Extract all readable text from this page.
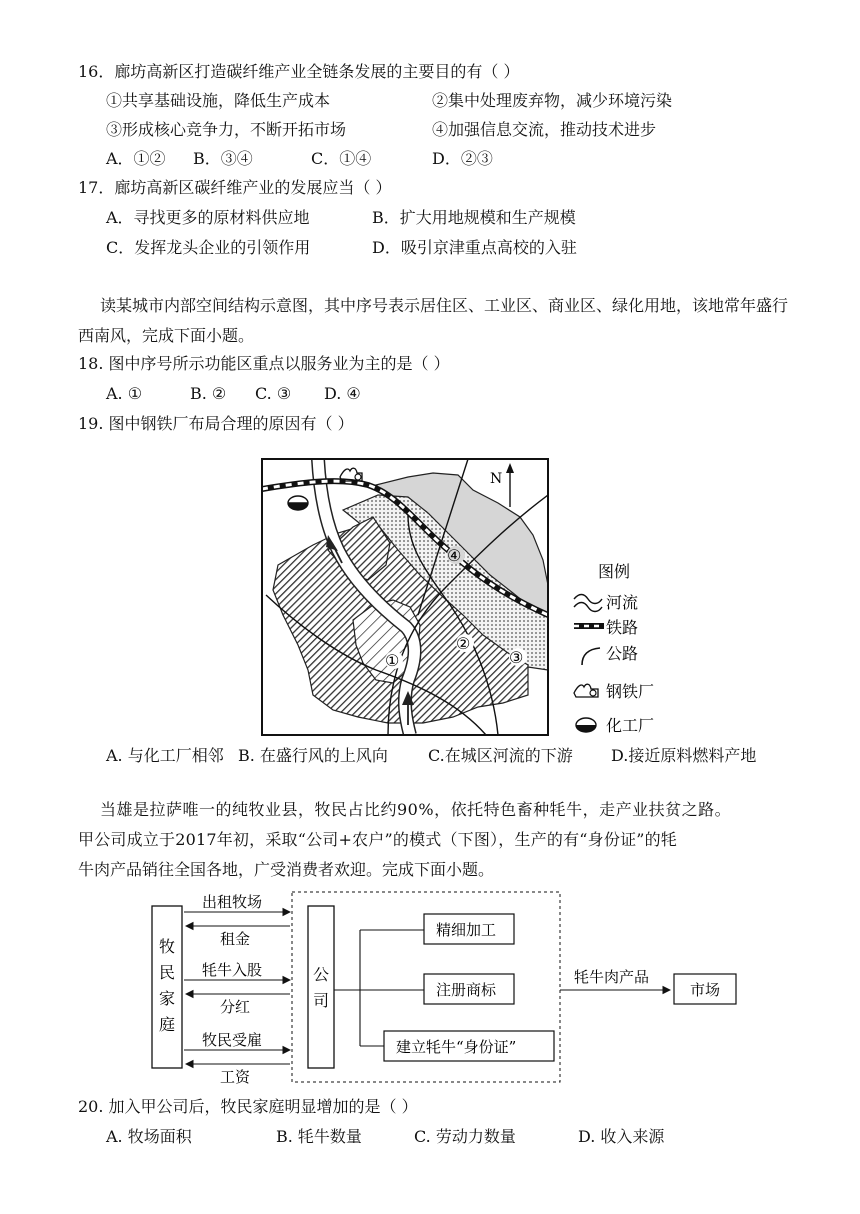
16．廊坊高新区打造碳纤维产业全链条发展的主要目的有（ ）
①共享基础设施，降低生产成本	②集中处理废弃物，减少环境污染
③形成核心竞争力，不断开拓市场	④加强信息交流，推动技术进步
A．①② B．③④	C．①④	D．②③
17．廊坊高新区碳纤维产业的发展应当（ ）
A．寻找更多的原材料供应地	B．扩大用地规模和生产规模
C．发挥龙头企业的引领作用	D．吸引京津重点高校的入驻
读某城市内部空间结构示意图，其中序号表示居住区、工业区、商业区、绿化用地，该地常年盛行西南风，完成下面小题。
18. 图中序号所示功能区重点以服务业为主的是（ ）
A. ①	B. ② C. ③ D. ④
19. 图中钢铁厂布局合理的原因有（ ）
N
④
②
③
①
图例
河流
铁路
公路
钢铁厂
化工厂
A. 与化工厂相邻 B. 在盛行风的上风向	C.在城区河流的下游 D.接近原料燃料产地
当雄是拉萨唯一的纯牧业县，牧民占比约90%，依托特色畜种牦牛，走产业扶贫之路。
甲公司成立于2017年初，采取“公司+农户”的模式（下图），生产的有“身份证”的牦
牛肉产品销往全国各地，广受消费者欢迎。完成下面小题。
牧
民
家
庭
公
司
出租牧场
租金
牦牛入股
分红
牧民受雇
工资
精细加工
注册商标
建立牦牛“身份证”
牦牛肉产品
市场
20. 加入甲公司后，牧民家庭明显增加的是（ ）
A. 牧场面积	B. 牦牛数量	C. 劳动力数量	D. 收入来源
